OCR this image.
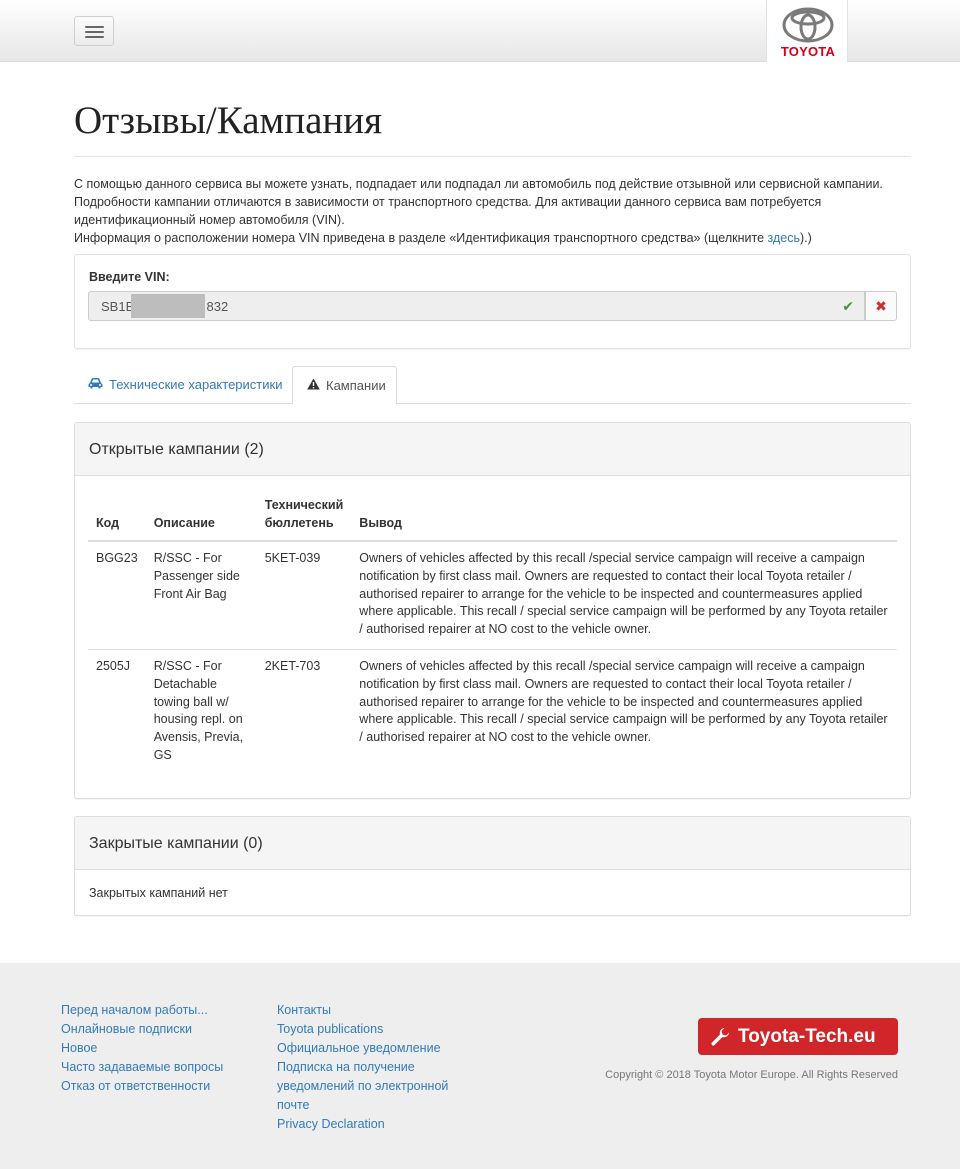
TOYOTA
Отзывы/Кампания
С помощью данного сервиса вы можете узнать, подпадает или подпадал ли автомобиль под действие отзывной или сервисной кампании.
Подробности кампании отличаются в зависимости от транспортного средства. Для активации данного сервиса вам потребуется идентификационный номер автомобиля (VIN).
Информация о расположении номера VIN приведена в разделе «Идентификация транспортного средства» (щелкните здесь).)
Введите VIN:
SB1E 832
✔	✖
Технические характеристики	Кампании
Открытые кампании (2)
Код	Описание	Технический бюллетень	Вывод
BGG23	R/SSC - For Passenger side Front Air Bag	5KET-039	Owners of vehicles affected by this recall /special service campaign will receive a campaign notification by first class mail. Owners are requested to contact their local Toyota retailer / authorised repairer to arrange for the vehicle to be inspected and countermeasures applied where applicable. This recall / special service campaign will be performed by any Toyota retailer / authorised repairer at NO cost to the vehicle owner.
2505J	R/SSC - For Detachable towing ball w/ housing repl. on Avensis, Previa, GS	2KET-703	Owners of vehicles affected by this recall /special service campaign will receive a campaign notification by first class mail. Owners are requested to contact their local Toyota retailer / authorised repairer to arrange for the vehicle to be inspected and countermeasures applied where applicable. This recall / special service campaign will be performed by any Toyota retailer / authorised repairer at NO cost to the vehicle owner.
Закрытые кампании (0)
Закрытых кампаний нет
Перед началом работы...
Онлайновые подписки
Новое
Часто задаваемые вопросы
Отказ от ответственности
Контакты
Toyota publications
Официальное уведомление
Подписка на получение уведомлений по электронной почте
Privacy Declaration
Toyota-Tech.eu
Copyright © 2018 Toyota Motor Europe. All Rights Reserved
